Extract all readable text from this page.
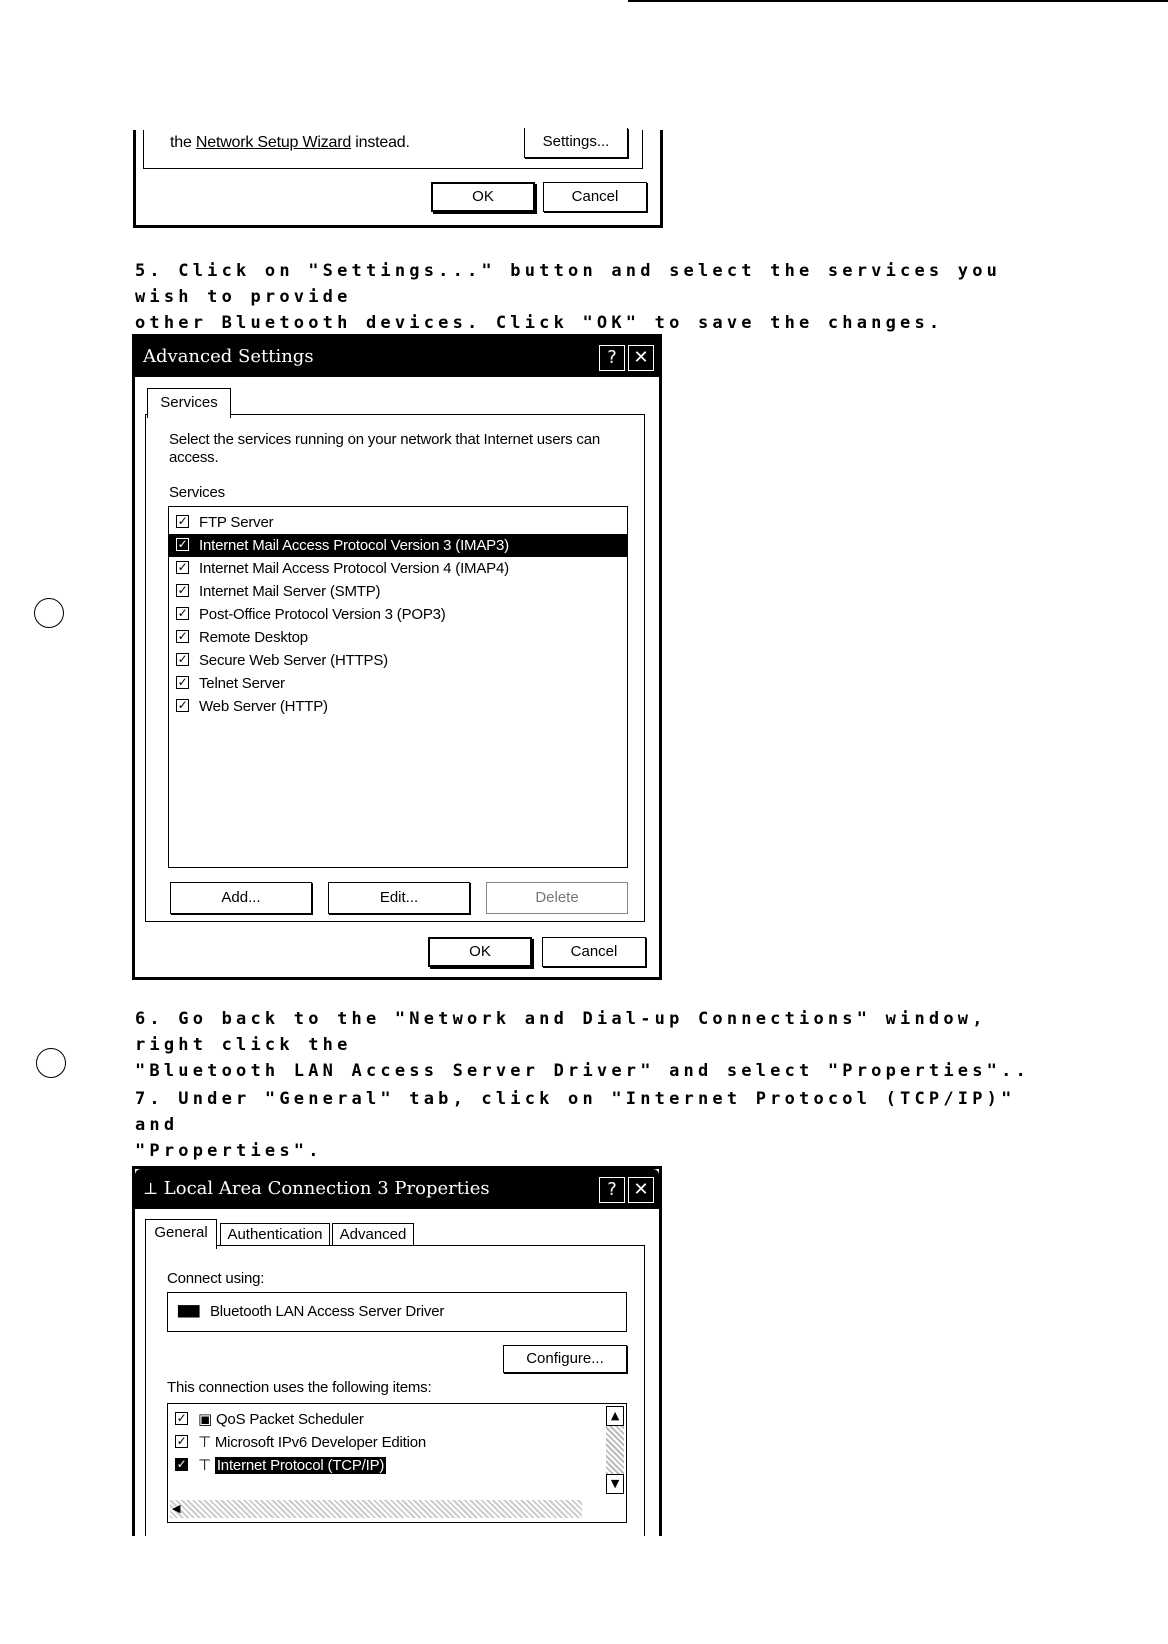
the Network Setup Wizard instead.	Settings...
OK	Cancel

5. Click on "Settings..." button and select the services you wish to provide

other Bluetooth devices. Click "OK" to save the changes.

Advanced Settings	? ✕
Services
Select the services running on your network that Internet users can access.
Services
✓ FTP Server
✓ Internet Mail Access Protocol Version 3 (IMAP3)
✓ Internet Mail Access Protocol Version 4 (IMAP4)
✓ Internet Mail Server (SMTP)
✓ Post-Office Protocol Version 3 (POP3)
✓ Remote Desktop
✓ Secure Web Server (HTTPS)
✓ Telnet Server
✓ Web Server (HTTP)
Add...	Edit...	Delete
OK	Cancel

6. Go back to the "Network and Dial-up Connections" window, right click the

"Bluetooth LAN Access Server Driver" and select "Properties"..

7. Under "General" tab, click on "Internet Protocol (TCP/IP)" and

"Properties".

⊥ Local Area Connection 3 Properties	? ✕
General	Authentication	Advanced
Connect using:
▆▆ Bluetooth LAN Access Server Driver
Configure...
This connection uses the following items:
✓ ▣ QoS Packet Scheduler
✓ ⊤ Microsoft IPv6 Developer Edition
✓ ⊤ Internet Protocol (TCP/IP)
▲
▼
◀
